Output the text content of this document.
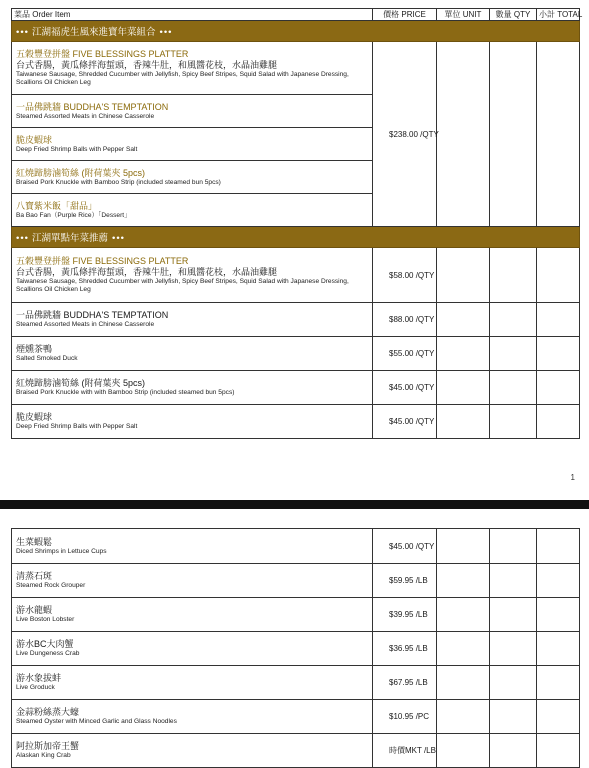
菜品 Order Item	價格 PRICE	單位 UNIT	數量 QTY	小計 TOTAL
••• 江湖福虎生風來進寶年菜組合 •••				

五穀豐登拼盤 FIVE BLESSINGS PLATTER
台式香腸，黃瓜條拌海蜇頭，香辣牛肚，和風醬花枝，水晶油雞腿
Taiwanese Sausage, Shredded Cucumber with Jellyfish, Spicy Beef Stripes, Squid Salad with Japanese Dressing, Scallions Oil Chicken Leg	$238.00 /QTY			

一品佛跳牆 BUDDHA'S TEMPTATION
Steamed Assorted Meats in Chinese Casserole				

脆皮蝦球
Deep Fried Shrimp Balls with Pepper Salt				

紅燒蹄膀滷筍絲 (附荷葉夾 5pcs)
Braised Pork Knuckle with Bamboo Strip (included steamed bun 5pcs)				

八寶紫米飯「甜品」
Ba Bao Fan（Purple Rice）「Dessert」				

••• 江湖單點年菜推薦 •••				

五穀豐登拼盤 FIVE BLESSINGS PLATTER
台式香腸，黃瓜條拌海蜇頭，香辣牛肚，和風醬花枝，水晶油雞腿
Taiwanese Sausage, Shredded Cucumber with Jellyfish, Spicy Beef Stripes, Squid Salad with Japanese Dressing, Scallions Oil Chicken Leg	$58.00 /QTY			

一品佛跳牆 BUDDHA'S TEMPTATION
Steamed Assorted Meats in Chinese Casserole	$88.00 /QTY			

煙燻茶鴨
Salted Smoked Duck	$55.00 /QTY			

紅燒蹄膀滷筍絲 (附荷葉夾 5pcs)
Braised Pork Knuckle with with Bamboo Strip (included steamed bun 5pcs)	$45.00 /QTY			

脆皮蝦球
Deep Fried Shrimp Balls with Pepper Salt	$45.00 /QTY			
1
生菜蝦鬆
Diced Shrimps in Lettuce Cups	$45.00 /QTY			

清蒸石斑
Steamed Rock Grouper	$59.95 /LB			

游水龍蝦
Live Boston Lobster	$39.95 /LB			

游水BC大肉蟹
Live Dungeness Crab	$36.95 /LB			

游水象拔蚌
Live Groduck	$67.95 /LB			

金蒜粉絲蒸大蠔
Steamed Oyster with Minced Garlic and Glass Noodles	$10.95 /PC			

阿拉斯加帝王蟹
Alaskan King Crab	時價MKT /LB			
